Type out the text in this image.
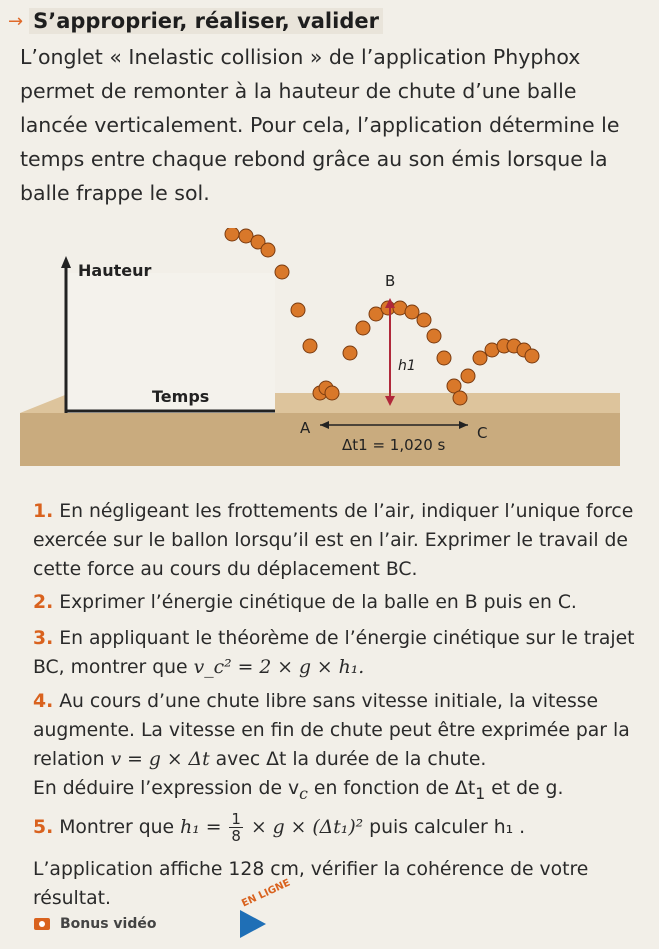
→ S’approprier, réaliser, valider

L’onglet « Inelastic collision » de l’application Phyphox permet de remonter à la hauteur de chute d’une balle lancée verticalement. Pour cela, l’application détermine le temps entre chaque rebond grâce au son émis lorsque la balle frappe le sol.

Hauteur
Temps
B
h1
A	C
Δt1 = 1,020 s

1. En négligeant les frottements de l’air, indiquer l’unique force exercée sur le ballon lorsqu’il est en l’air. Exprimer le travail de cette force au cours du déplacement BC.

2. Exprimer l’énergie cinétique de la balle en B puis en C.

3. En appliquant le théorème de l’énergie cinétique sur le trajet BC, montrer que v_c² = 2 × g × h₁.

4. Au cours d’une chute libre sans vitesse initiale, la vitesse augmente. La vitesse en fin de chute peut être exprimée par la relation v = g × Δt avec Δt la durée de la chute.
En déduire l’expression de $v_c$ en fonction de $\Delta t_1$ et de g.

5. Montrer que $h_1 = \frac{1}{8} \times g \times (\Delta t_1)^2$ puis calculer h₁ .

L’application affiche 128 cm, vérifier la cohérence de votre résultat.	EN LIGNE
Bonus vidéo
